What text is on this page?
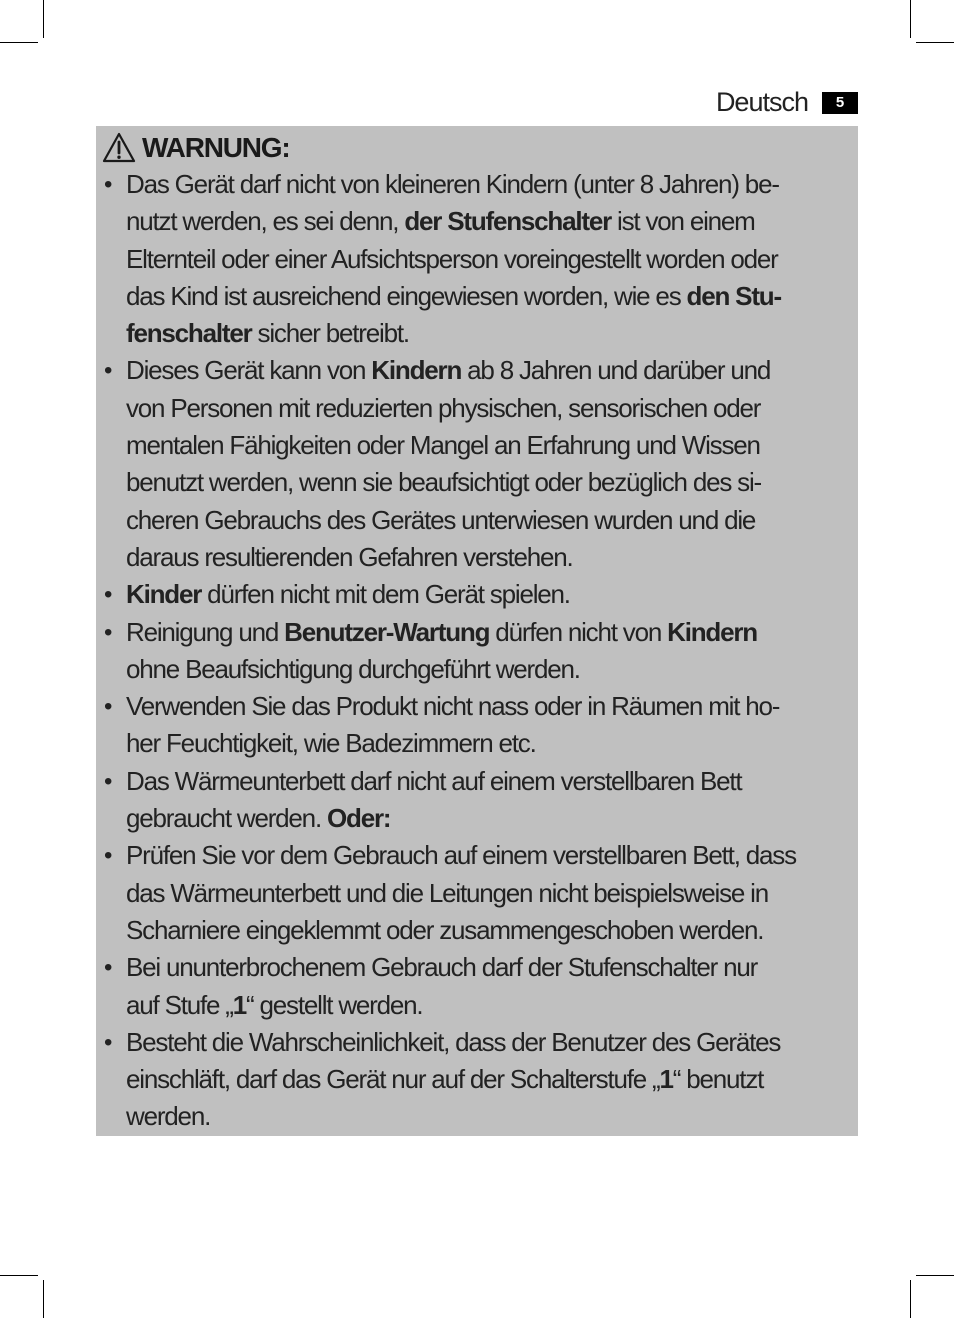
Deutsch	5
WARNUNG:
• Das Gerät darf nicht von kleineren Kindern (unter 8 Jahren) be-
nutzt werden, es sei denn, der Stufenschalter ist von einem
Elternteil oder einer Aufsichtsperson voreingestellt worden oder
das Kind ist ausreichend eingewiesen worden, wie es den Stu-
fenschalter sicher betreibt.
• Dieses Gerät kann von Kindern ab 8 Jahren und darüber und
von Personen mit reduzierten physischen, sensorischen oder
mentalen Fähigkeiten oder Mangel an Erfahrung und Wissen
benutzt werden, wenn sie beaufsichtigt oder bezüglich des si-
cheren Gebrauchs des Gerätes unterwiesen wurden und die
daraus resultierenden Gefahren verstehen.
• Kinder dürfen nicht mit dem Gerät spielen.
• Reinigung und Benutzer-Wartung dürfen nicht von Kindern
ohne Beaufsichtigung durchgeführt werden.
• Verwenden Sie das Produkt nicht nass oder in Räumen mit ho-
her Feuchtigkeit, wie Badezimmern etc.
• Das Wärmeunterbett darf nicht auf einem verstellbaren Bett
gebraucht werden. Oder:
• Prüfen Sie vor dem Gebrauch auf einem verstellbaren Bett, dass
das Wärmeunterbett und die Leitungen nicht beispielsweise in
Scharniere eingeklemmt oder zusammengeschoben werden.
• Bei ununterbrochenem Gebrauch darf der Stufenschalter nur
auf Stufe „1“ gestellt werden.
• Besteht die Wahrscheinlichkeit, dass der Benutzer des Gerätes
einschläft, darf das Gerät nur auf der Schalterstufe „1“ benutzt
werden.
